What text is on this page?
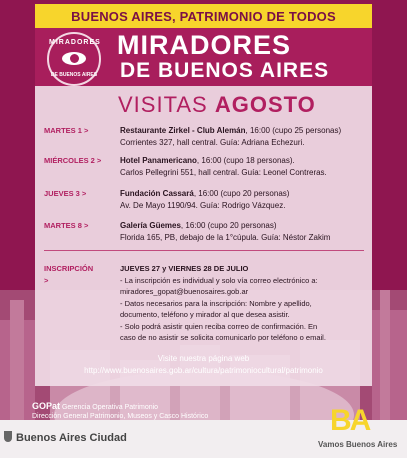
BUENOS AIRES, PATRIMONIO DE TODOS
MIRADORES
DE BUENOS AIRES
MIRADORES
DE BUENOS AIRES
VISITAS AGOSTO
MARTES 1 >	Restaurante Zirkel - Club Alemán, 16:00 (cupo 25 personas)
Corrientes 327, hall central. Guía: Adriana Echezuri.
MIÉRCOLES 2 >	Hotel Panamericano, 16:00 (cupo 18 personas).
Carlos Pellegrini 551, hall central. Guía: Leonel Contreras.
JUEVES 3 >	Fundación Cassará, 16:00 (cupo 20 personas)
Av. De Mayo 1190/94. Guía: Rodrigo Vázquez.
MARTES 8 >	Galería Güemes, 16:00 (cupo 20 personas)
Florida 165, PB, debajo de la 1°cúpula. Guía: Néstor Zakim
INSCRIPCIÓN >
JUEVES 27 y VIERNES 28 DE JULIO
- La inscripción es individual y solo vía correo electrónico a:
miradores_gopat@buenosaires.gob.ar
- Datos necesarios para la inscripción: Nombre y apellido,
documento, teléfono y mirador al que desea asistir.
- Solo podrá asistir quien reciba correo de confirmación. En
caso de no asistir se solicita comunicarlo por teléfono o email.
Visite nuestra página web
http://www.buenosaires.gob.ar/cultura/patrimoniocultural/patrimonio
GOPat Gerencia Operativa Patrimonio
Dirección General Patrimonio, Museos y Casco Histórico
Buenos Aires Ciudad
BA
Vamos Buenos Aires
